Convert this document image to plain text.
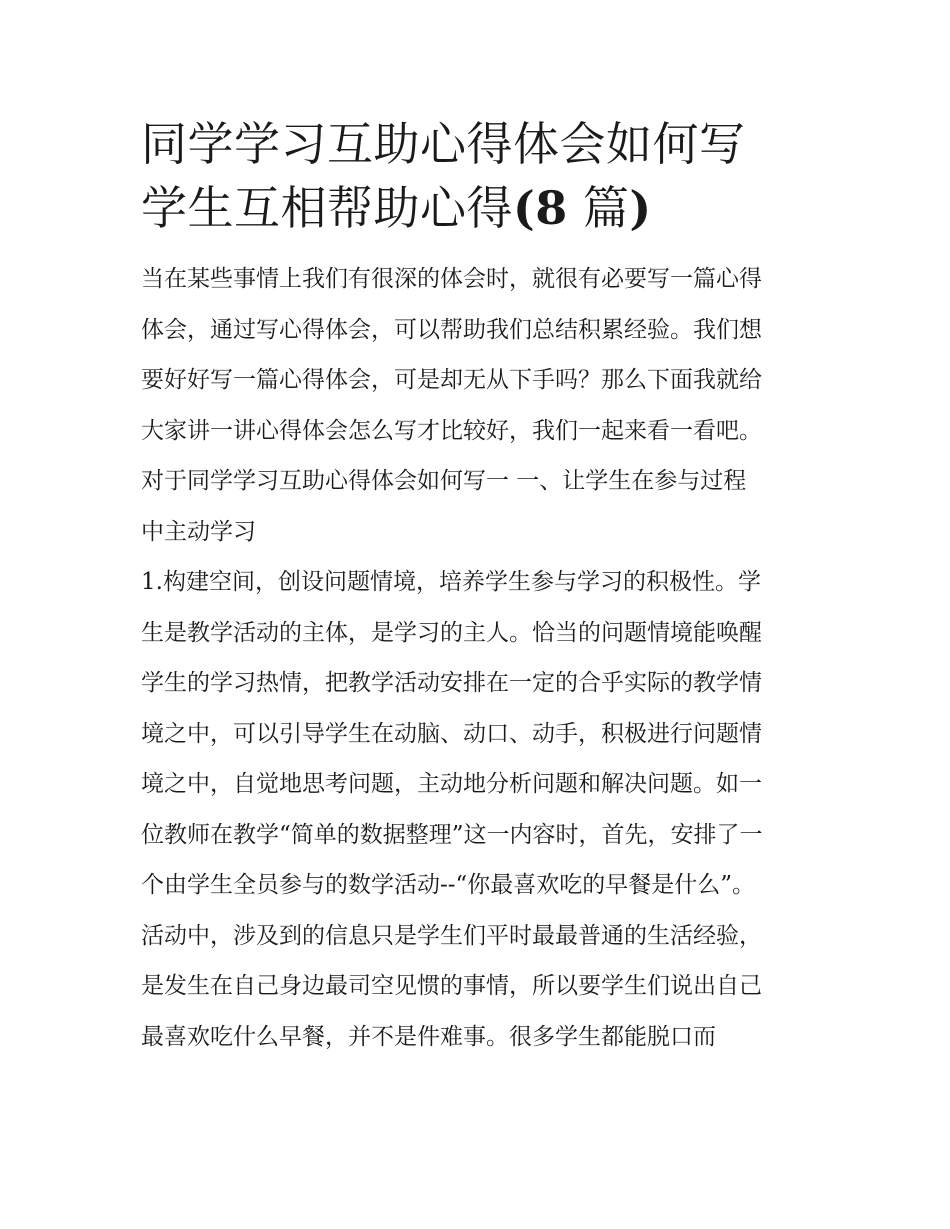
同学学习互助心得体会如何写
学生互相帮助心得(8 篇)

当在某些事情上我们有很深的体会时，就很有必要写一篇心得
体会，通过写心得体会，可以帮助我们总结积累经验。我们想
要好好写一篇心得体会，可是却无从下手吗？那么下面我就给
大家讲一讲心得体会怎么写才比较好，我们一起来看一看吧。
对于同学学习互助心得体会如何写一 一、让学生在参与过程
中主动学习

1.构建空间，创设问题情境，培养学生参与学习的积极性。学
生是教学活动的主体，是学习的主人。恰当的问题情境能唤醒
学生的学习热情，把教学活动安排在一定的合乎实际的教学情
境之中，可以引导学生在动脑、动口、动手，积极进行问题情
境之中，自觉地思考问题，主动地分析问题和解决问题。如一
位教师在教学“简单的数据整理”这一内容时，首先，安排了一
个由学生全员参与的数学活动--“你最喜欢吃的早餐是什么”。
活动中，涉及到的信息只是学生们平时最最普通的生活经验，
是发生在自己身边最司空见惯的事情，所以要学生们说出自己
最喜欢吃什么早餐，并不是件难事。很多学生都能脱口而
